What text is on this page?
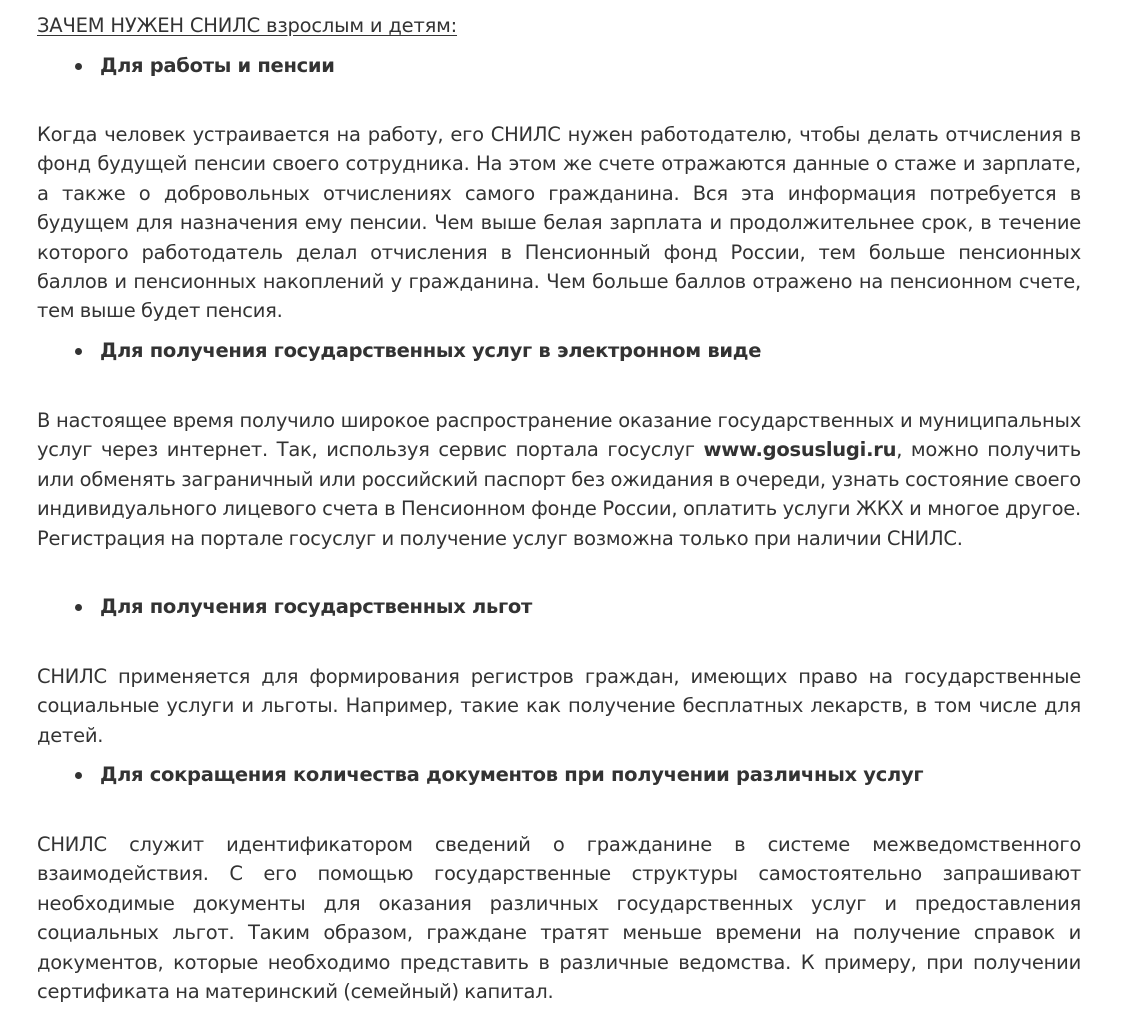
ЗАЧЕМ НУЖЕН СНИЛС взрослым и детям:
Для работы и пенсии

Когда человек устраивается на работу, его СНИЛС нужен работодателю, чтобы делать отчисления в фонд будущей пенсии своего сотрудника. На этом же счете отражаются данные о стаже и зарплате, а также о добровольных отчислениях самого гражданина. Вся эта информация потребуется в будущем для назначения ему пенсии. Чем выше белая зарплата и продолжительнее срок, в течение которого работодатель делал отчисления в Пенсионный фонд России, тем больше пенсионных баллов и пенсионных накоплений у гражданина. Чем больше баллов отражено на пенсионном счете, тем выше будет пенсия.

Для получения государственных услуг в электронном виде

В настоящее время получило широкое распространение оказание государственных и муниципальных услуг через интернет. Так, используя сервис портала госуслуг www.gosuslugi.ru, можно получить или обменять заграничный или российский паспорт без ожидания в очереди, узнать состояние своего индивидуального лицевого счета в Пенсионном фонде России, оплатить услуги ЖКХ и многое другое. Регистрация на портале госуслуг и получение услуг возможна только при наличии СНИЛС.

Для получения государственных льгот

СНИЛС применяется для формирования регистров граждан, имеющих право на государственные социальные услуги и льготы. Например, такие как получение бесплатных лекарств, в том числе для детей.

Для сокращения количества документов при получении различных услуг

СНИЛС служит идентификатором сведений о гражданине в системе межведомственного взаимодействия. С его помощью государственные структуры самостоятельно запрашивают необходимые документы для оказания различных государственных услуг и предоставления социальных льгот. Таким образом, граждане тратят меньше времени на получение справок и документов, которые необходимо представить в различные ведомства. К примеру, при получении сертификата на материнский (семейный) капитал.
